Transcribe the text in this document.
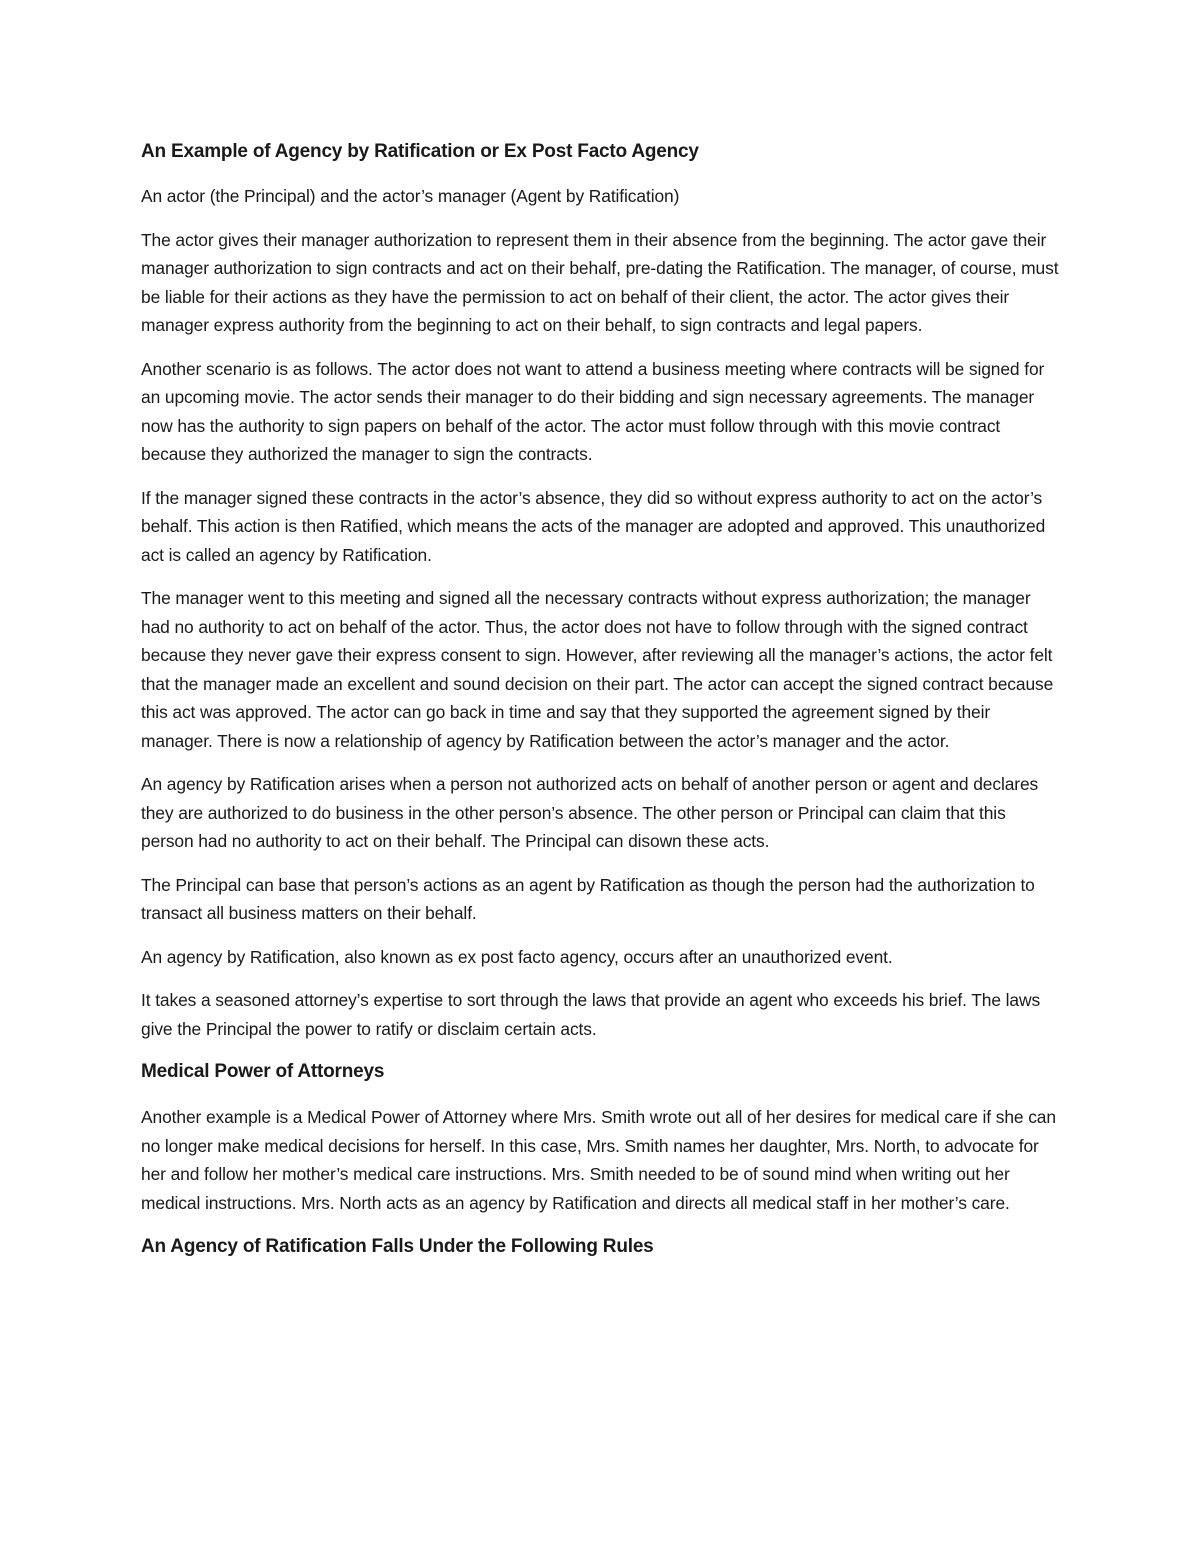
An Example of Agency by Ratification or Ex Post Facto Agency

An actor (the Principal) and the actor’s manager (Agent by Ratification)

The actor gives their manager authorization to represent them in their absence from the beginning. The actor gave their manager authorization to sign contracts and act on their behalf, pre-dating the Ratification. The manager, of course, must be liable for their actions as they have the permission to act on behalf of their client, the actor. The actor gives their manager express authority from the beginning to act on their behalf, to sign contracts and legal papers.

Another scenario is as follows. The actor does not want to attend a business meeting where contracts will be signed for an upcoming movie. The actor sends their manager to do their bidding and sign necessary agreements. The manager now has the authority to sign papers on behalf of the actor. The actor must follow through with this movie contract because they authorized the manager to sign the contracts.

If the manager signed these contracts in the actor’s absence, they did so without express authority to act on the actor’s behalf. This action is then Ratified, which means the acts of the manager are adopted and approved. This unauthorized act is called an agency by Ratification.

The manager went to this meeting and signed all the necessary contracts without express authorization; the manager had no authority to act on behalf of the actor. Thus, the actor does not have to follow through with the signed contract because they never gave their express consent to sign. However, after reviewing all the manager’s actions, the actor felt that the manager made an excellent and sound decision on their part. The actor can accept the signed contract because this act was approved. The actor can go back in time and say that they supported the agreement signed by their manager. There is now a relationship of agency by Ratification between the actor’s manager and the actor.

An agency by Ratification arises when a person not authorized acts on behalf of another person or agent and declares they are authorized to do business in the other person’s absence. The other person or Principal can claim that this person had no authority to act on their behalf. The Principal can disown these acts.

The Principal can base that person’s actions as an agent by Ratification as though the person had the authorization to transact all business matters on their behalf.

An agency by Ratification, also known as ex post facto agency, occurs after an unauthorized event.

It takes a seasoned attorney’s expertise to sort through the laws that provide an agent who exceeds his brief. The laws give the Principal the power to ratify or disclaim certain acts.

Medical Power of Attorneys

Another example is a Medical Power of Attorney where Mrs. Smith wrote out all of her desires for medical care if she can no longer make medical decisions for herself. In this case, Mrs. Smith names her daughter, Mrs. North, to advocate for her and follow her mother’s medical care instructions. Mrs. Smith needed to be of sound mind when writing out her medical instructions. Mrs. North acts as an agency by Ratification and directs all medical staff in her mother’s care.

An Agency of Ratification Falls Under the Following Rules
